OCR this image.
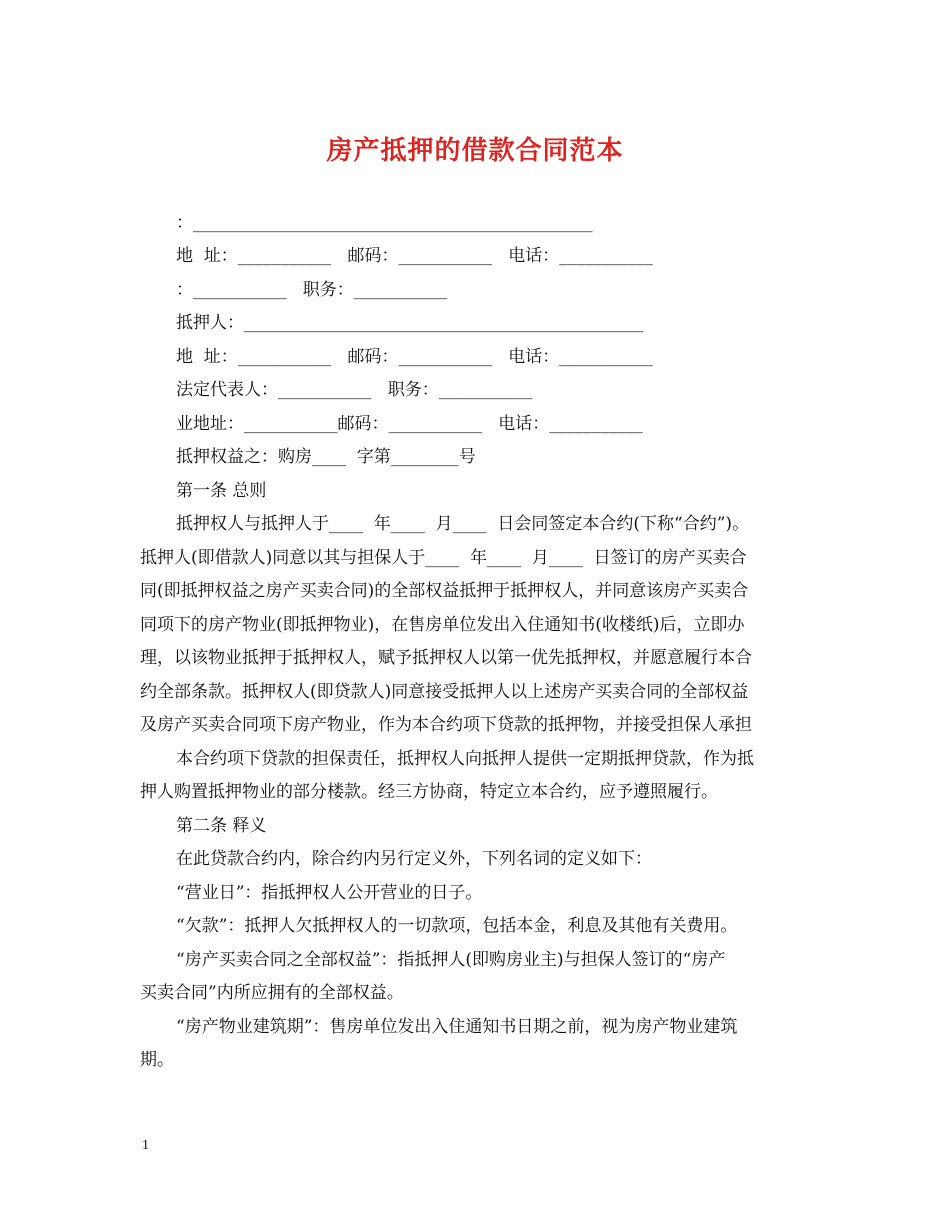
房产抵押的借款合同范本
：_______________________________________________
地  址：___________   邮码：___________   电话：___________
：___________   职务：___________
抵押人：_______________________________________________
地  址：___________   邮码：___________   电话：___________
法定代表人：___________   职务：___________
业地址：___________邮码：___________   电话：___________
抵押权益之：购房____  字第________号
第一条 总则
抵押权人与抵押人于____  年____  月____  日会同签定本合约(下称“合约”)。
抵押人(即借款人)同意以其与担保人于____  年____  月____  日签订的房产买卖合
同(即抵押权益之房产买卖合同)的全部权益抵押于抵押权人，并同意该房产买卖合
同项下的房产物业(即抵押物业)，在售房单位发出入住通知书(收楼纸)后，立即办
理，以该物业抵押于抵押权人，赋予抵押权人以第一优先抵押权，并愿意履行本合
约全部条款。抵押权人(即贷款人)同意接受抵押人以上述房产买卖合同的全部权益
及房产买卖合同项下房产物业，作为本合约项下贷款的抵押物，并接受担保人承担
本合约项下贷款的担保责任，抵押权人向抵押人提供一定期抵押贷款，作为抵
押人购置抵押物业的部分楼款。经三方协商，特定立本合约，应予遵照履行。
第二条 释义
在此贷款合约内，除合约内另行定义外，下列名词的定义如下：
“营业日”：指抵押权人公开营业的日子。
“欠款”：抵押人欠抵押权人的一切款项，包括本金，利息及其他有关费用。
“房产买卖合同之全部权益”：指抵押人(即购房业主)与担保人签订的“房产
买卖合同”内所应拥有的全部权益。
“房产物业建筑期”：售房单位发出入住通知书日期之前，视为房产物业建筑
期。
1
